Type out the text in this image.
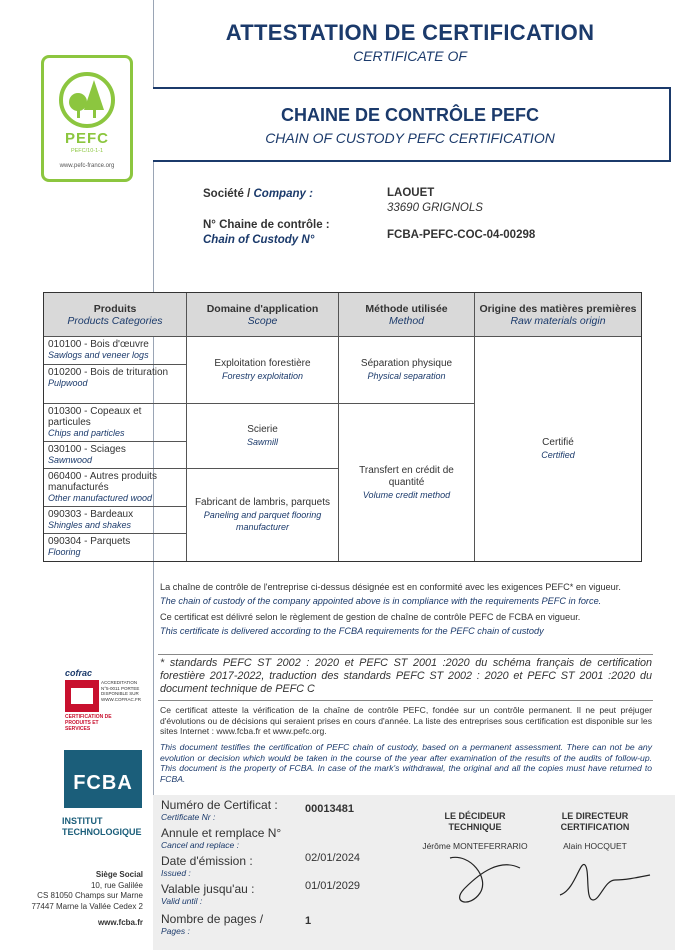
PEFC
PEFC/10-1-1
www.pefc-france.org
ATTESTATION DE CERTIFICATION
CERTIFICATE OF
CHAINE DE CONTRÔLE PEFC
CHAIN OF CUSTODY PEFC CERTIFICATION
Société / Company :	LAOUET
33690 GRIGNOLS
N° Chaine de contrôle :
Chain of Custody N°	FCBA-PEFC-COC-04-00298
Produits
Products Categories
Domaine d'application
Scope
Méthode utilisée
Method
Origine des matières premières
Raw materials origin
010100 - Bois d'œuvre
Sawlogs and veneer logs
010200 - Bois de trituration
Pulpwood
010300 - Copeaux et particules
Chips and particles
030100 - Sciages
Sawnwood
060400 - Autres produits manufacturés
Other manufactured wood
090303 - Bardeaux
Shingles and shakes
090304 - Parquets
Flooring
Exploitation forestière
Forestry exploitation
Scierie
Sawmill
Fabricant de lambris, parquets
Paneling and parquet flooring manufacturer
Séparation physique
Physical separation
Transfert en crédit de quantité
Volume credit method
Certifié
Certified
La chaîne de contrôle de l'entreprise ci-dessus désignée est en conformité avec les exigences PEFC* en vigueur.
The chain of custody of the company appointed above is in compliance with the requirements PEFC in force.
Ce certificat est délivré selon le règlement de gestion de chaîne de contrôle PEFC de FCBA en vigueur.
This certificate is delivered according to the FCBA requirements for the PEFC chain of custody
* standards PEFC ST 2002 : 2020 et PEFC ST 2001 :2020 du schéma français de certification forestière 2017-2022, traduction des standards PEFC ST 2002 : 2020 et PEFC ST 2001 :2020 du document technique de PEFC C
Ce certificat atteste la vérification de la chaîne de contrôle PEFC, fondée sur un contrôle permanent. Il ne peut préjuger d'évolutions ou de décisions qui seraient prises en cours d'année. La liste des entreprises sous certification est disponible sur les sites Internet : www.fcba.fr et www.pefc.org.
This document testifies the certification of PEFC chain of custody, based on a permanent assessment. There can not be any evolution or decision which would be taken in the course of the year after examination of the results of the audits of follow-up. This document is the property of FCBA. In case of the mark's withdrawal, the original and all the copies must have returned to FCBA.
cofrac
ACCREDITATION N°5-0011 PORTEE DISPONIBLE SUR WWW.COFRAC.FR
CERTIFICATION DE PRODUITS ET SERVICES
FCBA
INSTITUT
TECHNOLOGIQUE
Siège Social
10, rue Galilée
CS 81050 Champs sur Marne
77447 Marne la Vallée Cedex 2
www.fcba.fr
Numéro de Certificat :
Certificate Nr :
00013481
Annule et remplace N°
Cancel and replace :
Date d'émission :
Issued :
02/01/2024
Valable jusqu'au :
Valid until :
01/01/2029
Nombre de pages /
Pages :
1
LE DÉCIDEUR
TECHNIQUE
Jérôme MONTEFERRARIO
LE DIRECTEUR
CERTIFICATION
Alain HOCQUET
